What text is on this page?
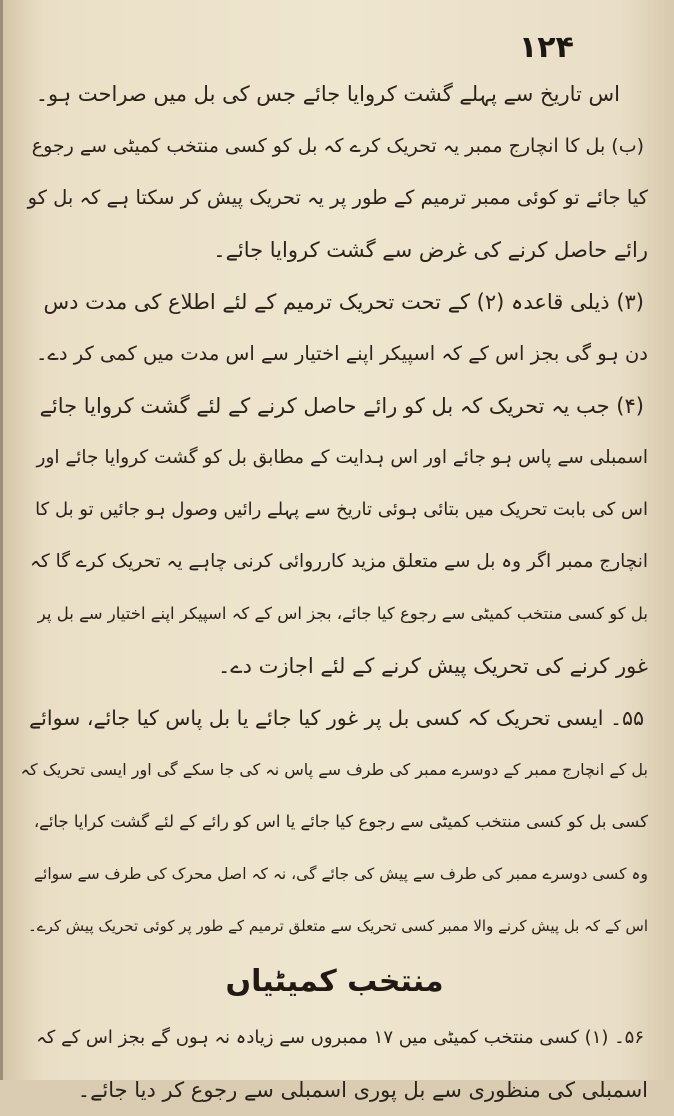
۱۲۴
اس تاریخ سے پہلے گشت کروایا جائے جس کی بل میں صراحت ہو۔
(ب) بل کا انچارج ممبر یہ تحریک کرے کہ بل کو کسی منتخب کمیٹی سے رجوع
کیا جائے تو کوئی ممبر ترمیم کے طور پر یہ تحریک پیش کر سکتا ہے کہ بل کو
رائے حاصل کرنے کی غرض سے گشت کروایا جائے۔
(۳) ذیلی قاعدہ (۲) کے تحت تحریک ترمیم کے لئے اطلاع کی مدت دس
دن ہو گی بجز اس کے کہ اسپیکر اپنے اختیار سے اس مدت میں کمی کر دے۔
(۴) جب یہ تحریک کہ بل کو رائے حاصل کرنے کے لئے گشت کروایا جائے
اسمبلی سے پاس ہو جائے اور اس ہدایت کے مطابق بل کو گشت کروایا جائے اور
اس کی بابت تحریک میں بتائی ہوئی تاریخ سے پہلے رائیں وصول ہو جائیں تو بل کا
انچارج ممبر اگر وہ بل سے متعلق مزید کارروائی کرنی چاہے یہ تحریک کرے گا کہ
بل کو کسی منتخب کمیٹی سے رجوع کیا جائے، بجز اس کے کہ اسپیکر اپنے اختیار سے بل پر
غور کرنے کی تحریک پیش کرنے کے لئے اجازت دے۔
۵۵۔ ایسی تحریک کہ کسی بل پر غور کیا جائے یا بل پاس کیا جائے، سوائے
بل کے انچارج ممبر کے دوسرے ممبر کی طرف سے پاس نہ کی جا سکے گی اور ایسی تحریک کہ
کسی بل کو کسی منتخب کمیٹی سے رجوع کیا جائے یا اس کو رائے کے لئے گشت کرایا جائے،
وہ کسی دوسرے ممبر کی طرف سے پیش کی جائے گی، نہ کہ اصل محرک کی طرف سے سوائے
اس کے کہ بل پیش کرنے والا ممبر کسی تحریک سے متعلق ترمیم کے طور پر کوئی تحریک پیش کرے۔
منتخب کمیٹیاں
۵۶۔ (۱) کسی منتخب کمیٹی میں ۱۷ ممبروں سے زیادہ نہ ہوں گے بجز اس کے کہ
اسمبلی کی منظوری سے بل پوری اسمبلی سے رجوع کر دیا جائے۔
